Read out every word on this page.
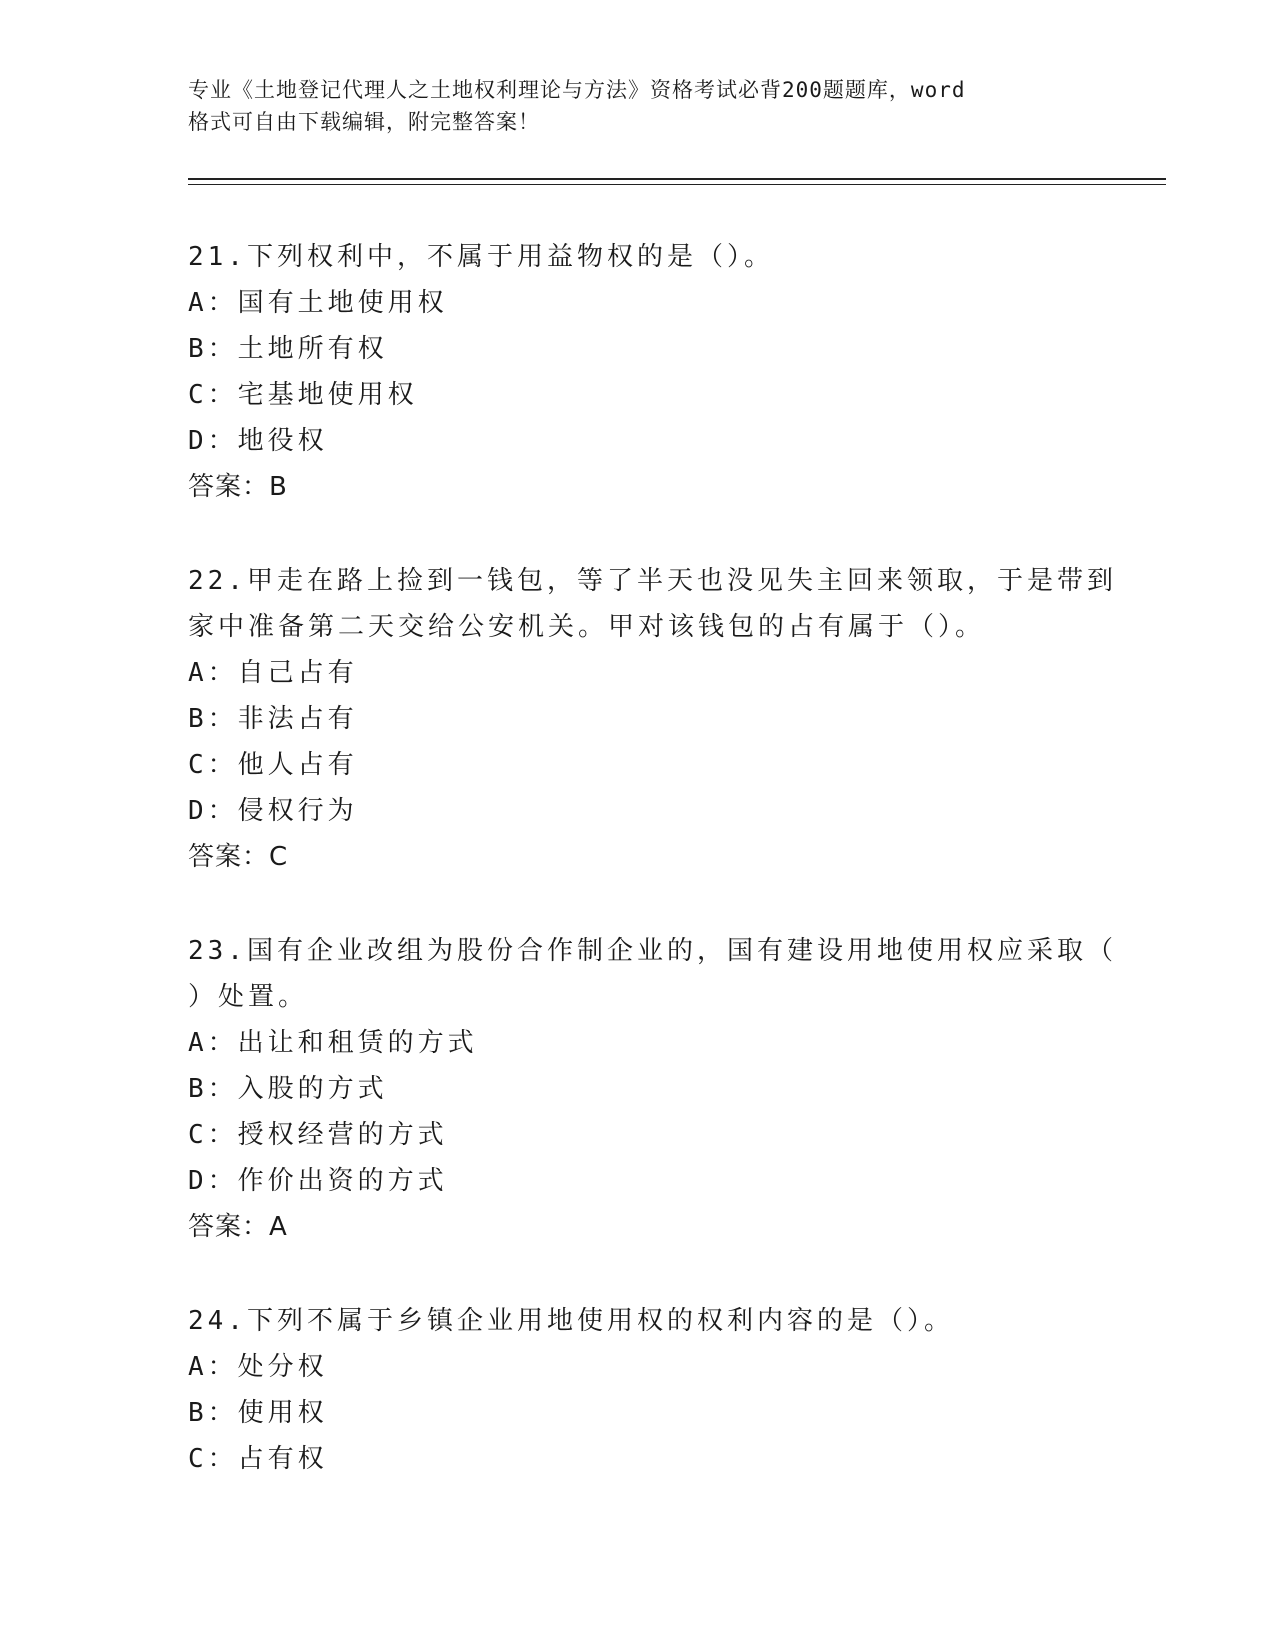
专业《土地登记代理人之土地权利理论与方法》资格考试必背200题题库，word
格式可自由下载编辑，附完整答案！
21.下列权利中，不属于用益物权的是（）。
A：国有土地使用权
B：土地所有权
C：宅基地使用权
D：地役权
答案：B
22.甲走在路上捡到一钱包，等了半天也没见失主回来领取，于是带到
家中准备第二天交给公安机关。甲对该钱包的占有属于（）。
A：自己占有
B：非法占有
C：他人占有
D：侵权行为
答案：C
23.国有企业改组为股份合作制企业的，国有建设用地使用权应采取（
）处置。
A：出让和租赁的方式
B：入股的方式
C：授权经营的方式
D：作价出资的方式
答案：A
24.下列不属于乡镇企业用地使用权的权利内容的是（）。
A：处分权
B：使用权
C：占有权
